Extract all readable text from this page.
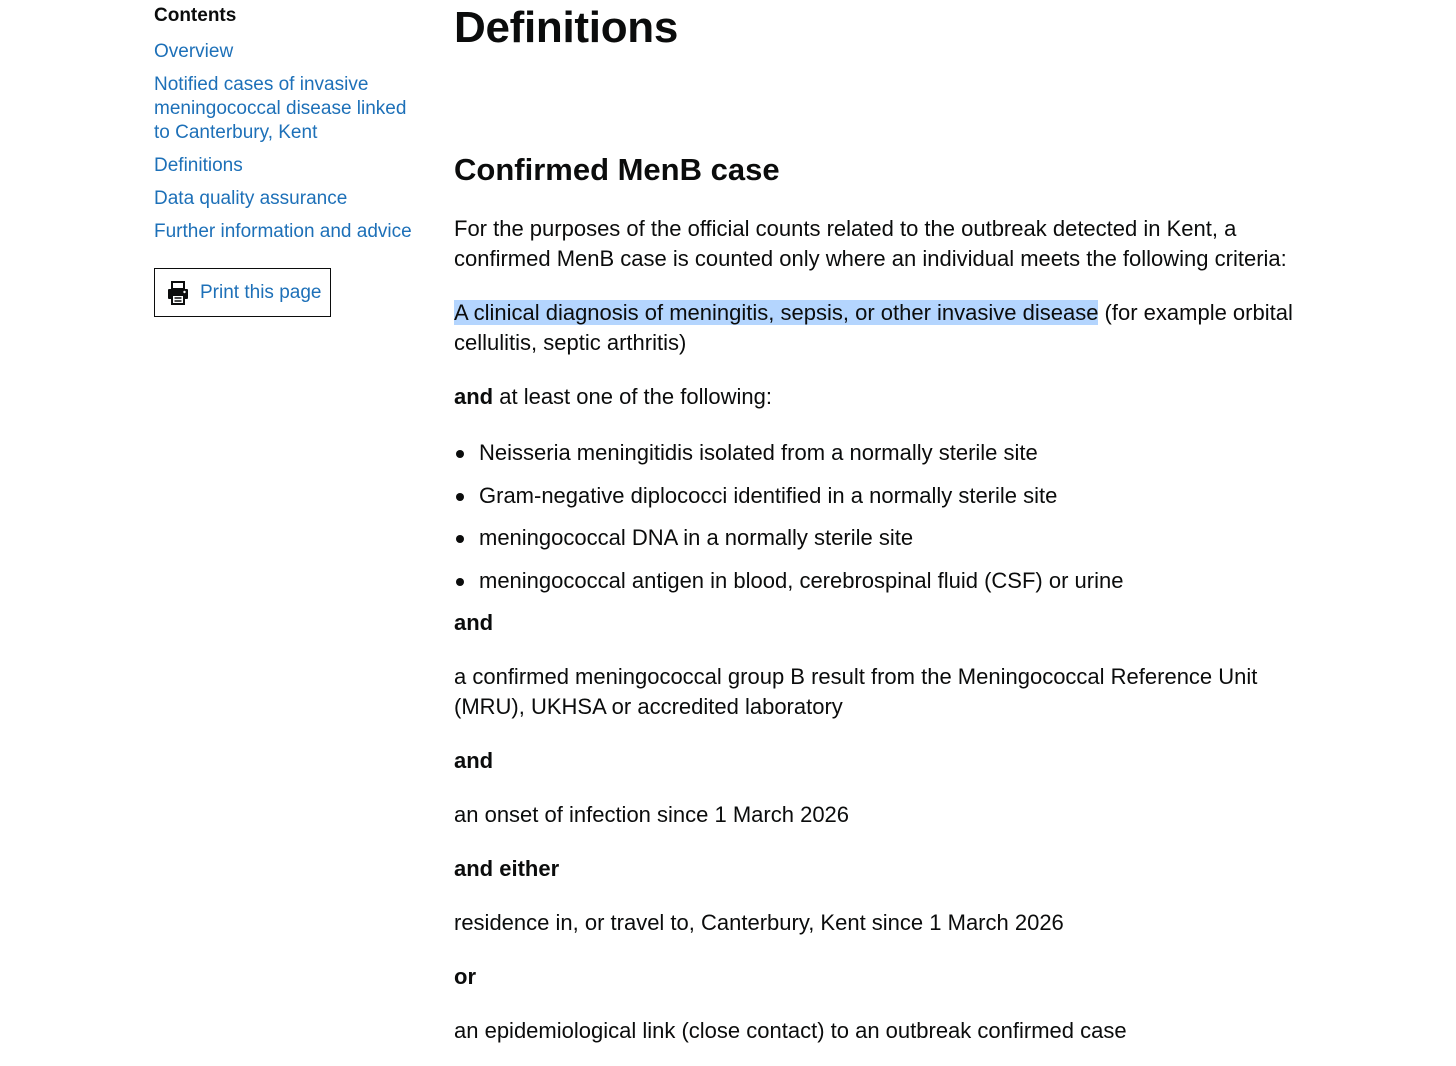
Contents
Overview
Notified cases of invasive meningococcal disease linked to Canterbury, Kent
Definitions
Data quality assurance
Further information and advice
Print this page
Definitions
Confirmed MenB case

For the purposes of the official counts related to the outbreak detected in Kent, a confirmed MenB case is counted only where an individual meets the following criteria:

A clinical diagnosis of meningitis, sepsis, or other invasive disease (for example orbital cellulitis, septic arthritis)

and at least one of the following:

Neisseria meningitidis isolated from a normally sterile site
Gram-negative diplococci identified in a normally sterile site
meningococcal DNA in a normally sterile site
meningococcal antigen in blood, cerebrospinal fluid (CSF) or urine

and

a confirmed meningococcal group B result from the Meningococcal Reference Unit (MRU), UKHSA or accredited laboratory

and

an onset of infection since 1 March 2026

and either

residence in, or travel to, Canterbury, Kent since 1 March 2026

or

an epidemiological link (close contact) to an outbreak confirmed case
